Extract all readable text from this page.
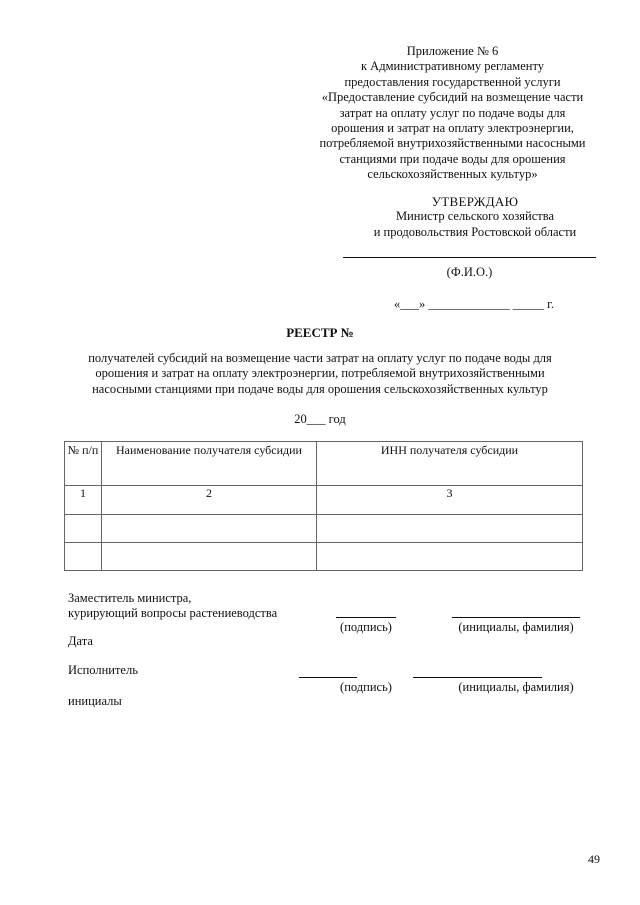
Приложение № 6
к Административному регламенту
предоставления государственной услуги
«Предоставление субсидий на возмещение части
затрат на оплату услуг по подаче воды для
орошения и затрат на оплату электроэнергии,
потребляемой внутрихозяйственными насосными
станциями при подаче воды для орошения
сельскохозяйственных культур»
УТВЕРЖДАЮ
Министр сельского хозяйства
и продовольствия Ростовской области
(Ф.И.О.)
«___» _____________ _____ г.
РЕЕСТР №
получателей субсидий на возмещение части затрат на оплату услуг по подаче воды для
орошения и затрат на оплату электроэнергии, потребляемой внутрихозяйственными
насосными станциями при подаче воды для орошения сельскохозяйственных культур
20___ год
№ п/п	Наименование получателя субсидии	ИНН получателя субсидии
1	2	3

Заместитель министра,
курирующий вопросы растениеводства
(подпись)	(инициалы, фамилия)
Дата
Исполнитель
(подпись)	(инициалы, фамилия)
инициалы
49
